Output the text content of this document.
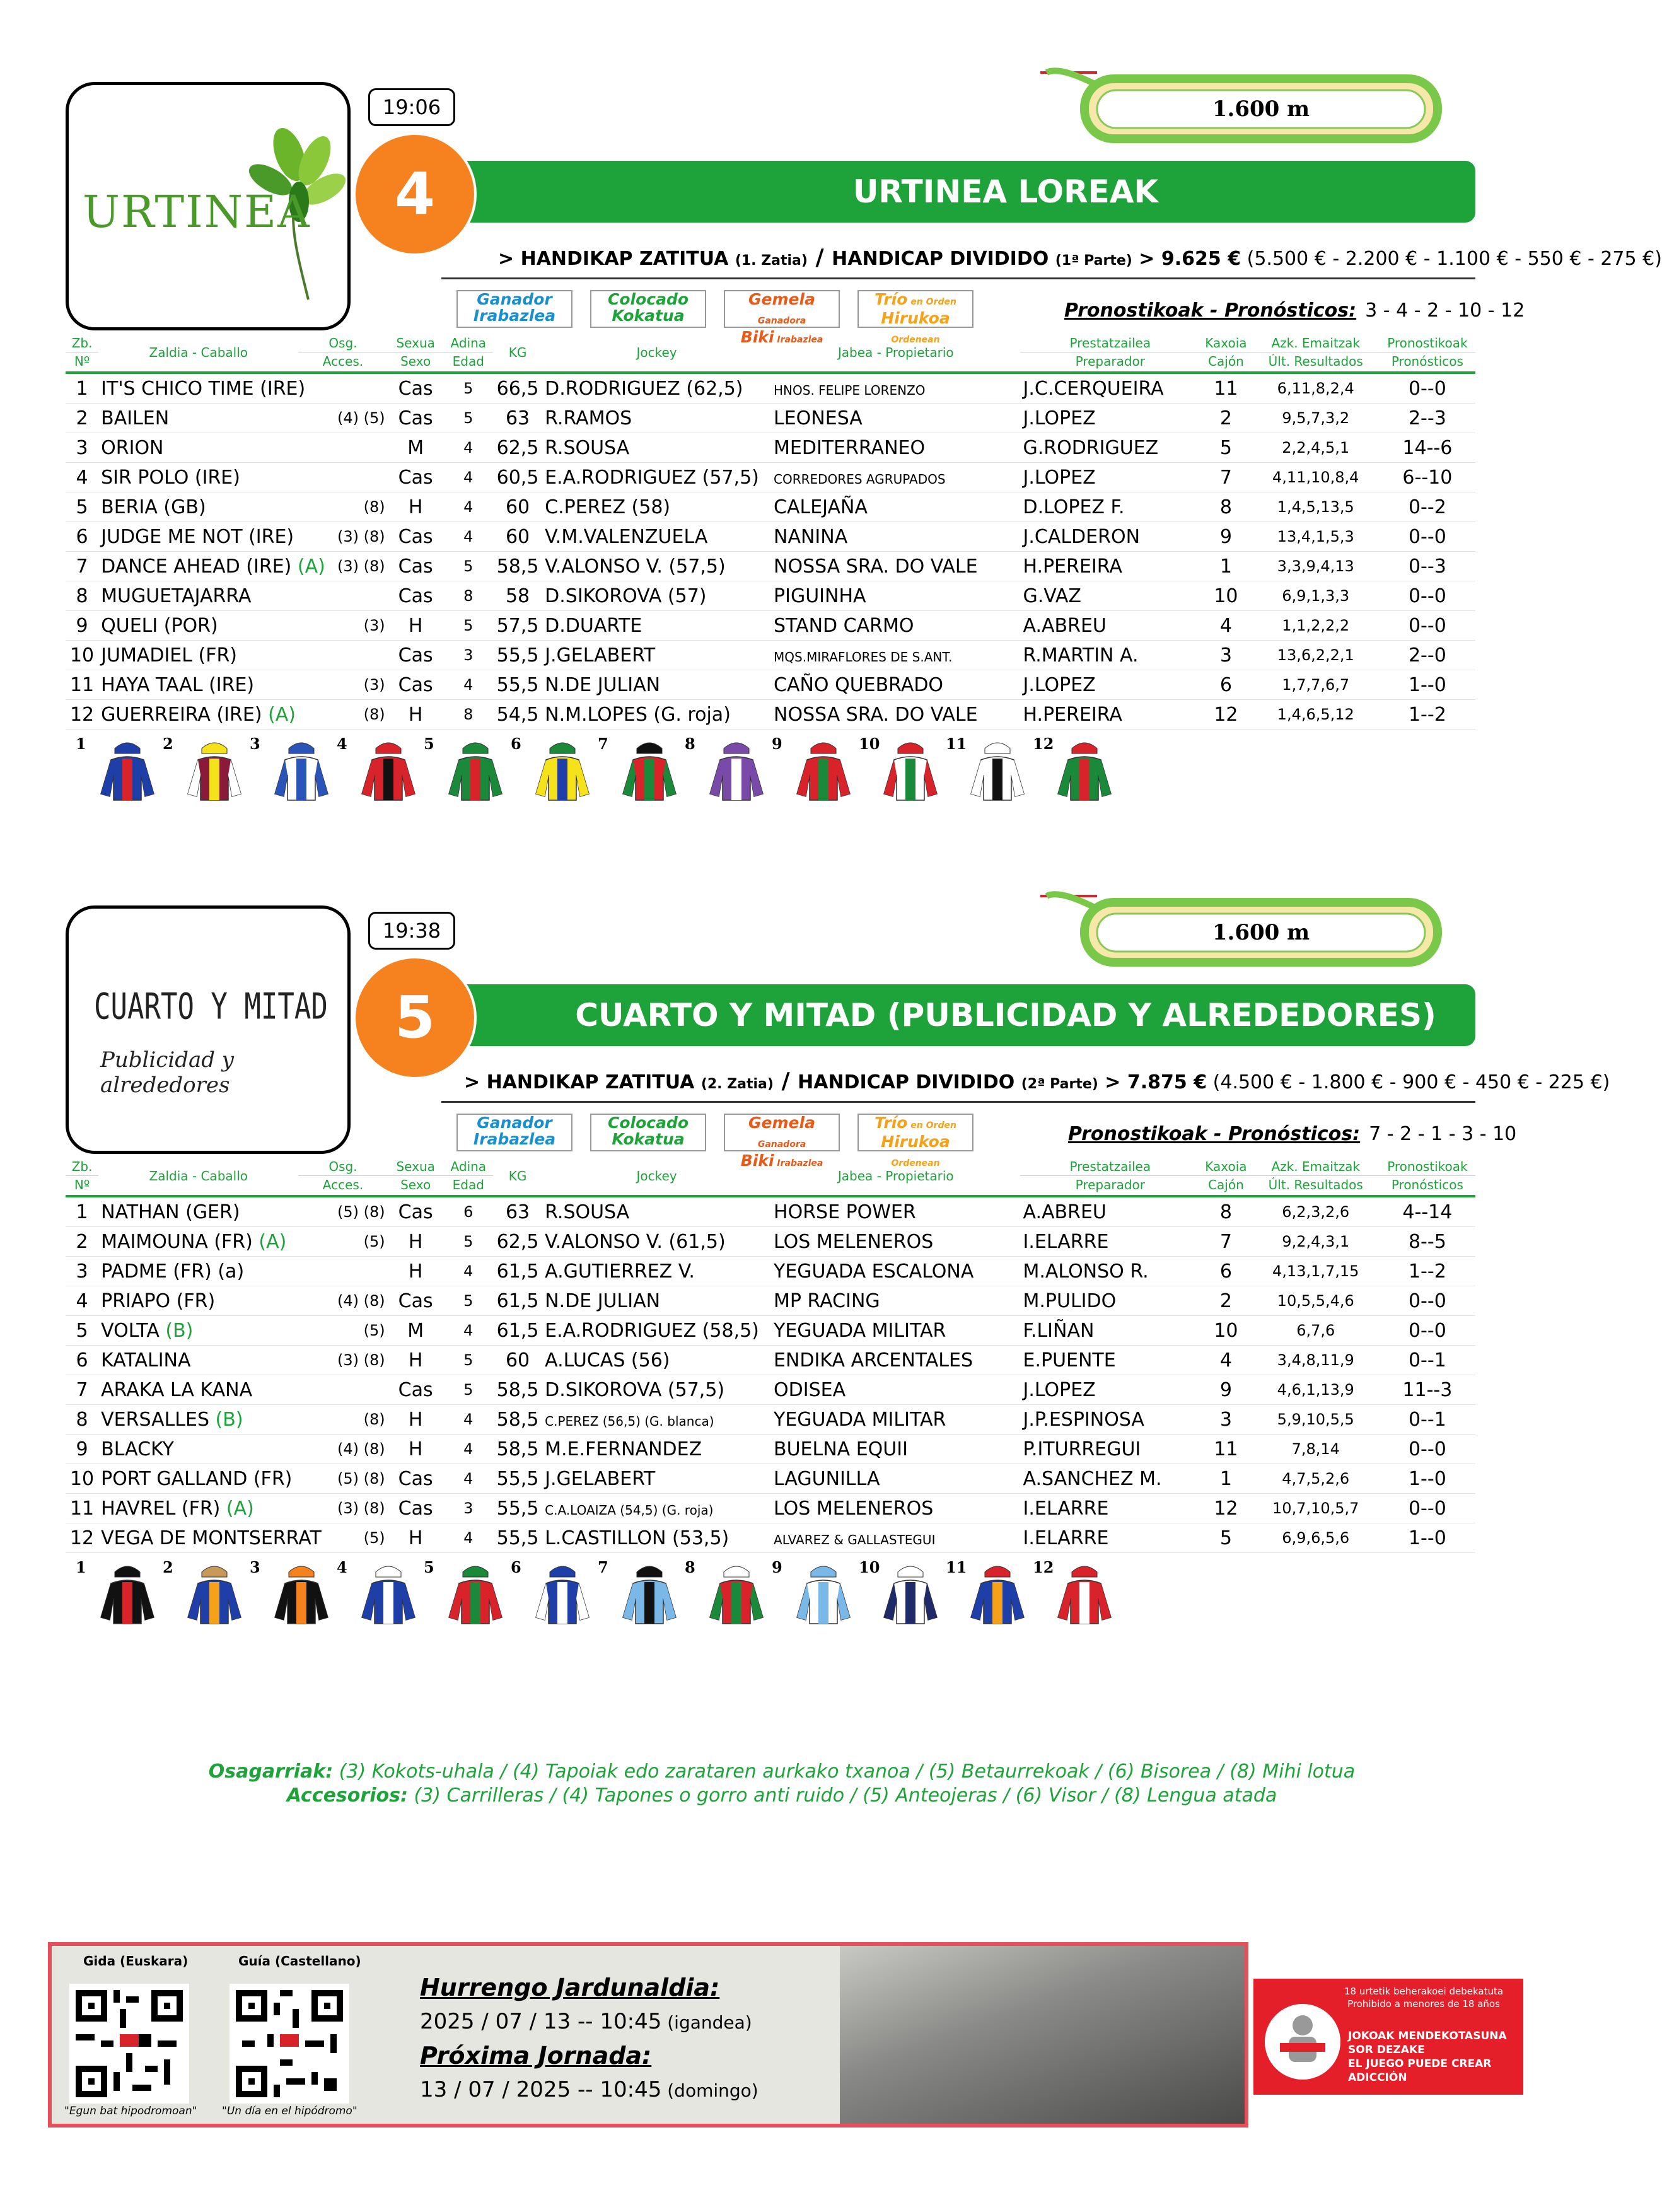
URTINEA
19:06
4	URTINEA LOREAK
1.600 m
> HANDIKAP ZATITUA (1. Zatia) / HANDICAP DIVIDIDO (1ª Parte) > 9.625 € (5.500 € - 2.200 € - 1.100 € - 550 € - 275 €)
Ganador
Irabazlea
Colocado
Kokatua
Gemela Ganadora
Biki Irabazlea
Trío en Orden
Hirukoa Ordenean
Pronostikoak - Pronósticos: 3 - 4 - 2 - 10 - 12
Zb.
Nº	Zaldia - Caballo	Osg.
Acces.	Sexua
Sexo	Adina
Edad	KG	Jockey	Jabea - Propietario	Prestatzailea
Preparador	Kaxoia
Cajón	Azk. Emaitzak
Últ. Resultados	Pronostikoak
Pronósticos

1	IT'S CHICO TIME (IRE)		Cas	5	66,5	D.RODRIGUEZ (62,5)	HNOS. FELIPE LORENZO	J.C.CERQUEIRA	11	6,11,8,2,4	0--0
2	BAILEN	(4) (5)	Cas	5	63	R.RAMOS	LEONESA	J.LOPEZ	2	9,5,7,3,2	2--3
3	ORION		M	4	62,5	R.SOUSA	MEDITERRANEO	G.RODRIGUEZ	5	2,2,4,5,1	14--6
4	SIR POLO (IRE)		Cas	4	60,5	E.A.RODRIGUEZ (57,5)	CORREDORES AGRUPADOS	J.LOPEZ	7	4,11,10,8,4	6--10
5	BERIA (GB)	(8)	H	4	60	C.PEREZ (58)	CALEJAÑA	D.LOPEZ F.	8	1,4,5,13,5	0--2
6	JUDGE ME NOT (IRE)	(3) (8)	Cas	4	60	V.M.VALENZUELA	NANINA	J.CALDERON	9	13,4,1,5,3	0--0
7	DANCE AHEAD (IRE) (A)	(3) (8)	Cas	5	58,5	V.ALONSO V. (57,5)	NOSSA SRA. DO VALE	H.PEREIRA	1	3,3,9,4,13	0--3
8	MUGUETAJARRA		Cas	8	58	D.SIKOROVA (57)	PIGUINHA	G.VAZ	10	6,9,1,3,3	0--0
9	QUELI (POR)	(3)	H	5	57,5	D.DUARTE	STAND CARMO	A.ABREU	4	1,1,2,2,2	0--0
10	JUMADIEL (FR)		Cas	3	55,5	J.GELABERT	MQS.MIRAFLORES DE S.ANT.	R.MARTIN A.	3	13,6,2,2,1	2--0
11	HAYA TAAL (IRE)	(3)	Cas	4	55,5	N.DE JULIAN	CAÑO QUEBRADO	J.LOPEZ	6	1,7,7,6,7	1--0
12	GUERREIRA (IRE) (A)	(8)	H	8	54,5	N.M.LOPES (G. roja)	NOSSA SRA. DO VALE	H.PEREIRA	12	1,4,6,5,12	1--2
1	2	3	4	5	6	7	8	9	10	11	12
CUARTO Y MITAD
Publicidad y alrededores
19:38
5	CUARTO Y MITAD (PUBLICIDAD Y ALREDEDORES)
1.600 m
> HANDIKAP ZATITUA (2. Zatia) / HANDICAP DIVIDIDO (2ª Parte) > 7.875 € (4.500 € - 1.800 € - 900 € - 450 € - 225 €)
Ganador
Irabazlea
Colocado
Kokatua
Gemela Ganadora
Biki Irabazlea
Trío en Orden
Hirukoa Ordenean
Pronostikoak - Pronósticos: 7 - 2 - 1 - 3 - 10
Zb.
Nº	Zaldia - Caballo	Osg.
Acces.	Sexua
Sexo	Adina
Edad	KG	Jockey	Jabea - Propietario	Prestatzailea
Preparador	Kaxoia
Cajón	Azk. Emaitzak
Últ. Resultados	Pronostikoak
Pronósticos

1	NATHAN (GER)	(5) (8)	Cas	6	63	R.SOUSA	HORSE POWER	A.ABREU	8	6,2,3,2,6	4--14
2	MAIMOUNA (FR) (A)	(5)	H	5	62,5	V.ALONSO V. (61,5)	LOS MELENEROS	I.ELARRE	7	9,2,4,3,1	8--5
3	PADME (FR) (a)		H	4	61,5	A.GUTIERREZ V.	YEGUADA ESCALONA	M.ALONSO R.	6	4,13,1,7,15	1--2
4	PRIAPO (FR)	(4) (8)	Cas	5	61,5	N.DE JULIAN	MP RACING	M.PULIDO	2	10,5,5,4,6	0--0
5	VOLTA (B)	(5)	M	4	61,5	E.A.RODRIGUEZ (58,5)	YEGUADA MILITAR	F.LIÑAN	10	6,7,6	0--0
6	KATALINA	(3) (8)	H	5	60	A.LUCAS (56)	ENDIKA ARCENTALES	E.PUENTE	4	3,4,8,11,9	0--1
7	ARAKA LA KANA		Cas	5	58,5	D.SIKOROVA (57,5)	ODISEA	J.LOPEZ	9	4,6,1,13,9	11--3
8	VERSALLES (B)	(8)	H	4	58,5	C.PEREZ (56,5) (G. blanca)	YEGUADA MILITAR	J.P.ESPINOSA	3	5,9,10,5,5	0--1
9	BLACKY	(4) (8)	H	4	58,5	M.E.FERNANDEZ	BUELNA EQUII	P.ITURREGUI	11	7,8,14	0--0
10	PORT GALLAND (FR)	(5) (8)	Cas	4	55,5	J.GELABERT	LAGUNILLA	A.SANCHEZ M.	1	4,7,5,2,6	1--0
11	HAVREL (FR) (A)	(3) (8)	Cas	3	55,5	C.A.LOAIZA (54,5) (G. roja)	LOS MELENEROS	I.ELARRE	12	10,7,10,5,7	0--0
12	VEGA DE MONTSERRAT	(5)	H	4	55,5	L.CASTILLON (53,5)	ALVAREZ & GALLASTEGUI	I.ELARRE	5	6,9,6,5,6	1--0
1	2	3	4	5	6	7	8	9	10	11	12
Osagarriak: (3) Kokots-uhala / (4) Tapoiak edo zarataren aurkako txanoa / (5) Betaurrekoak / (6) Bisorea / (8) Mihi lotua
Accesorios: (3) Carrilleras / (4) Tapones o gorro anti ruido / (5) Anteojeras / (6) Visor / (8) Lengua atada
Gida (Euskara)	Guía (Castellano)
"Egun bat hipodromoan" "Un día en el hipódromo"
Hurrengo Jardunaldia:
2025 / 07 / 13 -- 10:45 (igandea)
Próxima Jornada:
13 / 07 / 2025 -- 10:45 (domingo)
18 urtetik beherakoei debekatuta
Prohibido a menores de 18 años
JOKOAK MENDEKOTASUNA
SOR DEZAKE
EL JUEGO PUEDE CREAR
ADICCIÓN
